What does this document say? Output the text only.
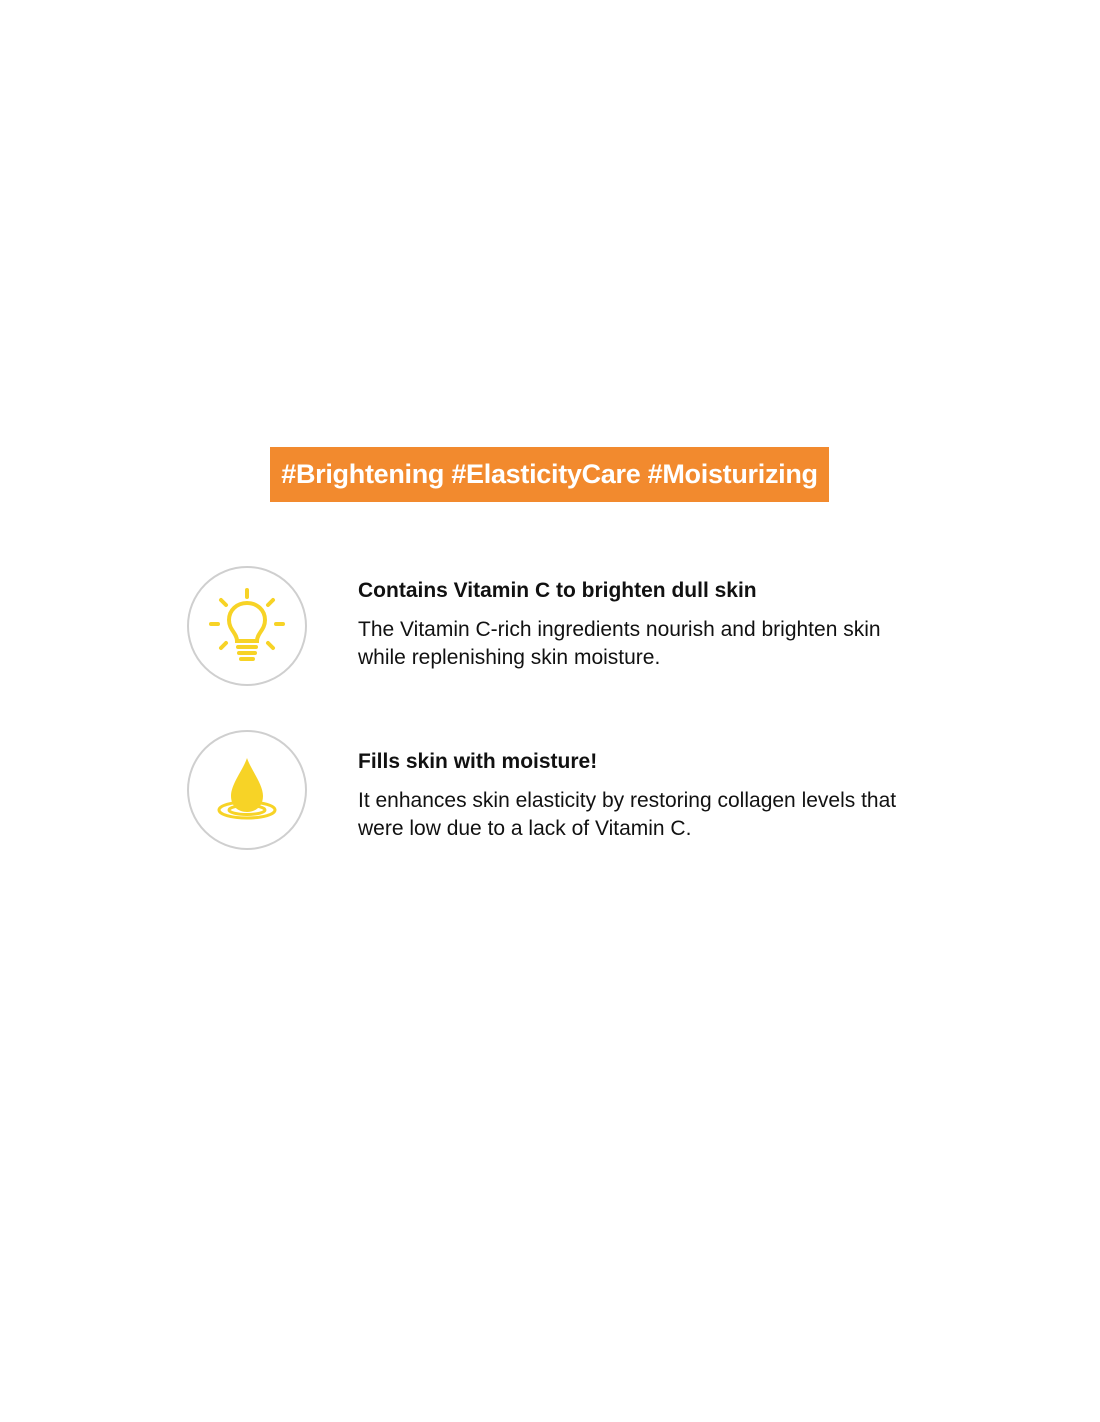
#Brightening #ElasticityCare #Moisturizing

Contains Vitamin C to brighten dull skin

The Vitamin C-rich ingredients nourish and brighten skin while replenishing skin moisture.

Fills skin with moisture!

It enhances skin elasticity by restoring collagen levels that were low due to a lack of Vitamin C.
